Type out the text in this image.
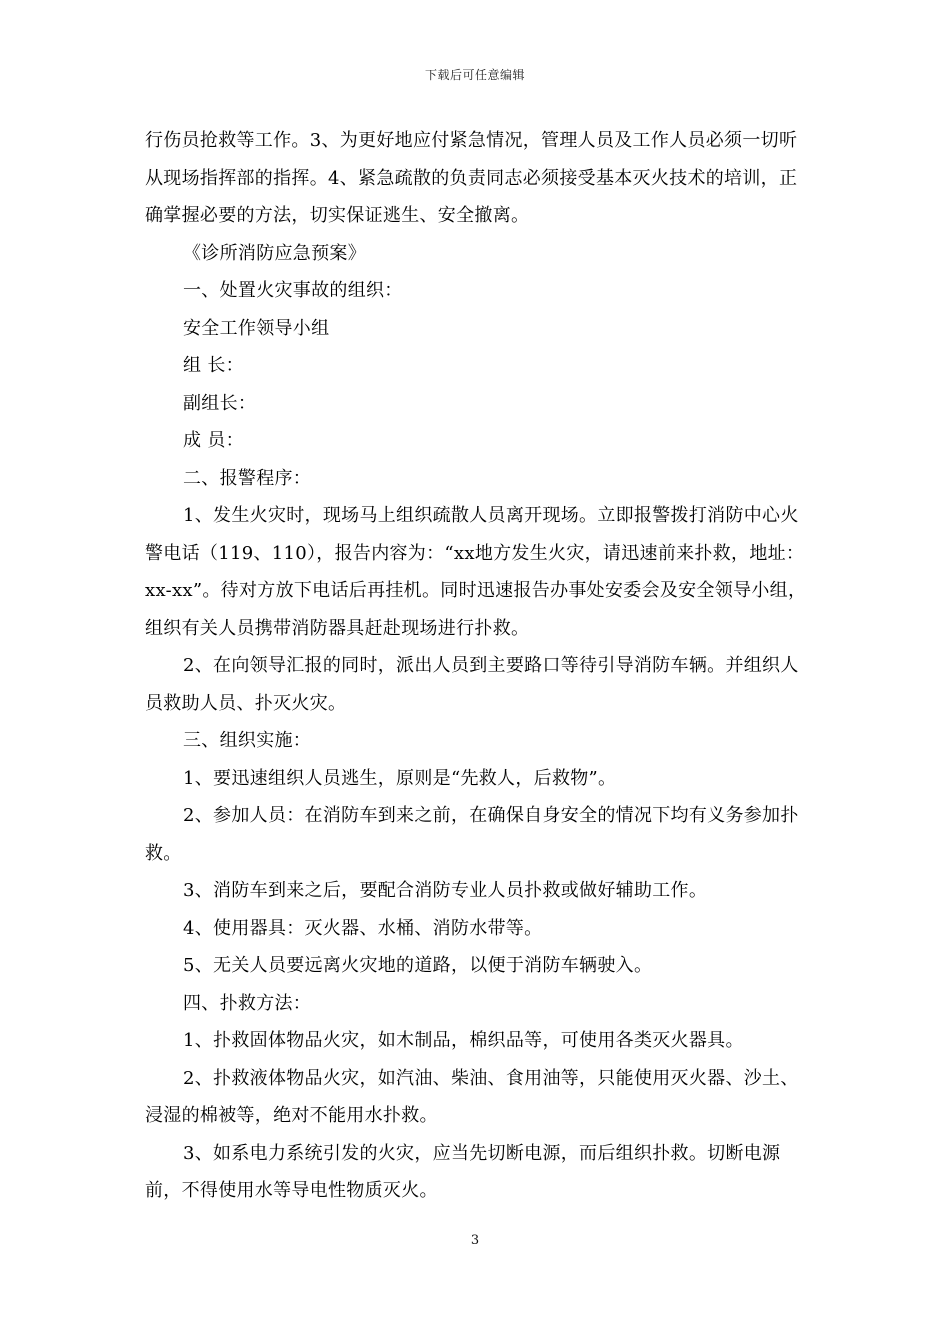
下载后可任意编辑

行伤员抢救等工作。3、为更好地应付紧急情况，管理人员及工作人员必须一切听从现场指挥部的指挥。4、紧急疏散的负责同志必须接受基本灭火技术的培训，正确掌握必要的方法，切实保证逃生、安全撤离。

《诊所消防应急预案》

一、处置火灾事故的组织：

安全工作领导小组

组 长：

副组长：

成 员：

二、报警程序：

1、发生火灾时，现场马上组织疏散人员离开现场。立即报警拨打消防中心火警电话（119、110），报告内容为：“xx地方发生火灾，请迅速前来扑救，地址：xx-xx”。待对方放下电话后再挂机。同时迅速报告办事处安委会及安全领导小组，组织有关人员携带消防器具赶赴现场进行扑救。

2、在向领导汇报的同时，派出人员到主要路口等待引导消防车辆。并组织人员救助人员、扑灭火灾。

三、组织实施：

1、要迅速组织人员逃生，原则是“先救人，后救物”。

2、参加人员：在消防车到来之前，在确保自身安全的情况下均有义务参加扑救。

3、消防车到来之后，要配合消防专业人员扑救或做好辅助工作。

4、使用器具：灭火器、水桶、消防水带等。

5、无关人员要远离火灾地的道路，以便于消防车辆驶入。

四、扑救方法：

1、扑救固体物品火灾，如木制品，棉织品等，可使用各类灭火器具。

2、扑救液体物品火灾，如汽油、柴油、食用油等，只能使用灭火器、沙土、浸湿的棉被等，绝对不能用水扑救。

3、如系电力系统引发的火灾，应当先切断电源，而后组织扑救。切断电源前，不得使用水等导电性物质灭火。

3
